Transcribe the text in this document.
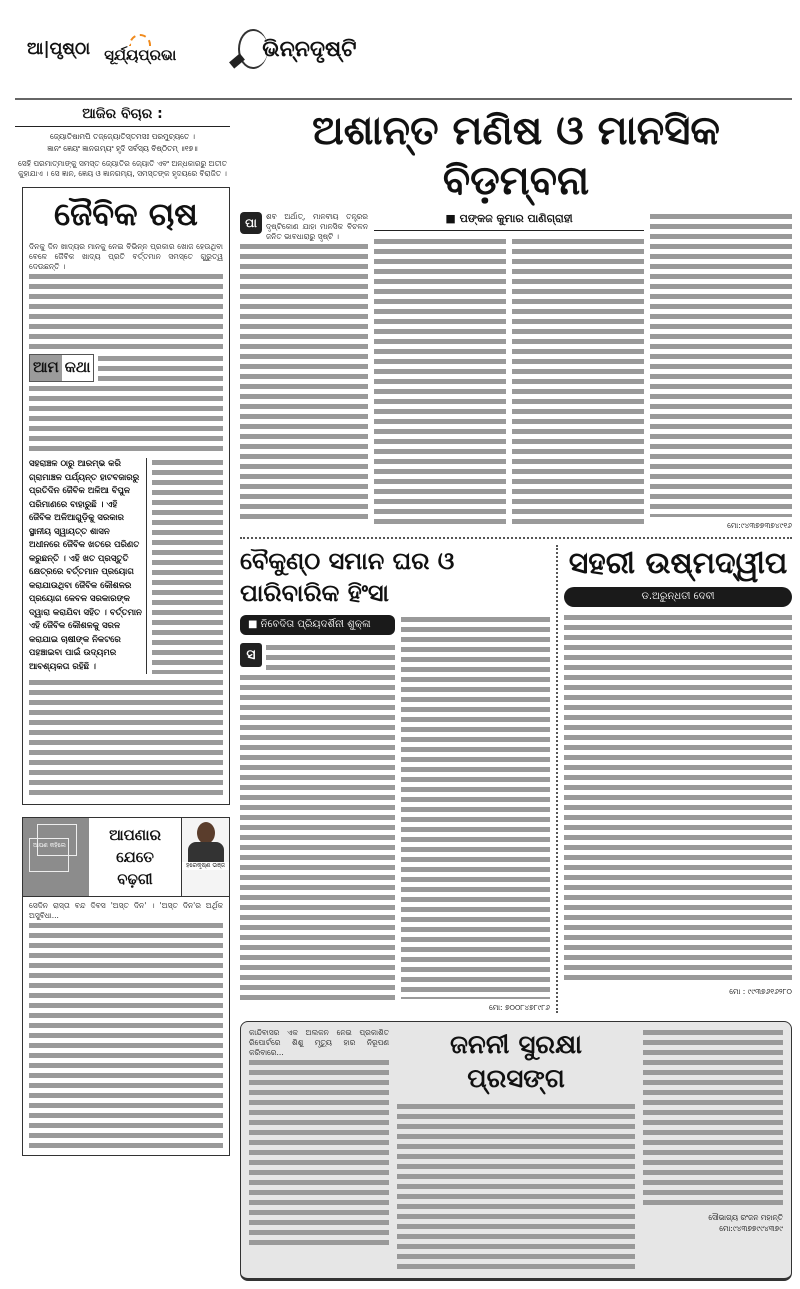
ଆ|ପୃଷ୍ଠା ସୂର୍ଯ୍ୟପ୍ରଭା	ଭିନ୍ନଦୃଷ୍ଟି
ଆଜିର ବିଚାର :
ଜ୍ୟୋତିଷାମପି ତଜ୍ଜ୍ୟୋତିସ୍ତମସଃ ପରମୁଚ୍ୟତେ ।
ଜ୍ଞାନଂ ଜ୍ଞେୟଂ ଜ୍ଞାନଗମ୍ୟଂ ହୃଦି ସର୍ବସ୍ୟ ବିଷ୍ଠିତମ୍ ॥୧୭॥
ସେହି ପରମାତ୍ମାଙ୍କୁ ସମସ୍ତ ଜ୍ୟୋତିର ଜ୍ୟୋତି ଏବଂ ଅନ୍ଧକାରରୁ ଅତୀତ କୁହାଯାଏ । ସେ ଜ୍ଞାନ, ଜ୍ଞେୟ ଓ ଜ୍ଞାନଗମ୍ୟ, ସମସ୍ତଙ୍କ ହୃଦୟରେ ବିରାଜିତ ।
ଜୈବିକ ଚାଷ
ଦିନକୁ ଦିନ ଖାଦ୍ୟର ମାନକୁ ନେଇ ବିଭିନ୍ନ ପ୍ରକାର ଖୋଜ ହେଉଥିବା ବେଳେ ଜୈବିକ ଖାଦ୍ୟ ପ୍ରତି ବର୍ତ୍ତମାନ ସମସ୍ତେ ଗୁରୁତ୍ୱ ଦେଉଛନ୍ତି ।
ଆମ କଥା
ସହରାଞ୍ଚଳ ଠାରୁ ଆରମ୍ଭ କରି ଗ୍ରାମାଞ୍ଚଳ ପର୍ଯ୍ୟନ୍ତ ହାଟବଜାରରୁ ପ୍ରତିଦିନ ଜୈବିକ ଅଳିଆ ବିପୁଳ ପରିମାଣରେ ବାହାରୁଛି । ଏହି ଜୈବିକ ଅଳିଆଗୁଡ଼ିକୁ ସରକାର ସ୍ଥାନୀୟ ସ୍ୱାୟତ୍ତ ଶାସନ ଅଧୀନରେ ଜୈବିକ ଖତରେ ପରିଣତ କରୁଛନ୍ତି । ଏହି ଖତ ପ୍ରସ୍ତୁତି କ୍ଷେତ୍ରରେ ବର୍ତ୍ତମାନ ପ୍ରୟୋଗ କରାଯାଉଥିବା ଜୈବିକ କୌଶଳର ପ୍ରୟୋଗ କେବଳ ସରକାରଙ୍କ ଦ୍ୱାରା କରାଯିବା ସହିତ । ବର୍ତ୍ତମାନ ଏହି ଜୈବିକ କୌଶଳକୁ ସରଳ କରାଯାଇ ଚାଷୀଙ୍କ ନିକଟରେ ପହଞ୍ଚାଇବା ପାଇଁ ଉଦ୍ୟମର ଆବଶ୍ୟକତା ରହିଛି ।
ଆପଣ କହିଲେ
ଆପଣାର ଯେତେ
ବଢ଼ଗୀ
ହରେକୃଷ୍ଣ ଭଞ୍ଜ
ସେଦିନ ରାସ୍ତା ବନ୍ଦ ଦିବସ 'ଅସ୍ତ ଦିନ' । 'ଅସ୍ତ ଦିନ'ର ଅର୍ଥିକ ଅସୁବିଧା...
ଅଶାନ୍ତ ମଣିଷ ଓ ମାନସିକ ବିଡ଼ମ୍ବନା
ପା	ଶବ ଅର୍ଥାତ୍, ମାନବୀୟ ତନ୍ତ୍ରର ଦୃଷ୍ଟିକୋଣ ଯାହା ମାନସିକ ବିଚଳନ ଜନିତ ଭାବଧାରାରୁ ସୃଷ୍ଟି ।
■ ପଙ୍କଜ କୁମାର ପାଣିଗ୍ରାହୀ
ମୋ:୯୪୩୭୭୩୭୪୯୧୬
ବୈକୁଣ୍ଠ ସମାନ ଘର ଓ ପାରିବାରିକ ହିଂସା
■ ନିବେଦିତା ପ୍ରିୟଦର୍ଶିନୀ ଶୁକ୍ଳା
ସ
ମୋ: ୭୦୦୮୪୭୮୯୮୬
ସହରୀ ଉଷ୍ମଦ୍ୱୀପ
ଡ.ଅରୁନ୍ଧତୀ ଦେବୀ
ମୋ : ୯୯୩୭୬୧୬୨୮୦
କାନ୍ଦିବାସର ଏକ ଅଲକନ ନେଇ ପ୍ରକାଶିତ ରିପୋର୍ଟରେ ଶିଶୁ ମୃତ୍ୟୁ ହାର ନିରୂପଣ କରିବାରେ...	ଜନନୀ ସୁରକ୍ଷା ପ୍ରସଙ୍ଗ
ସୌଭାଗ୍ୟ ରଂଜନ ମହାନ୍ତି
ମୋ:୯୪୩୭୭୯୯୪୩୭୯
